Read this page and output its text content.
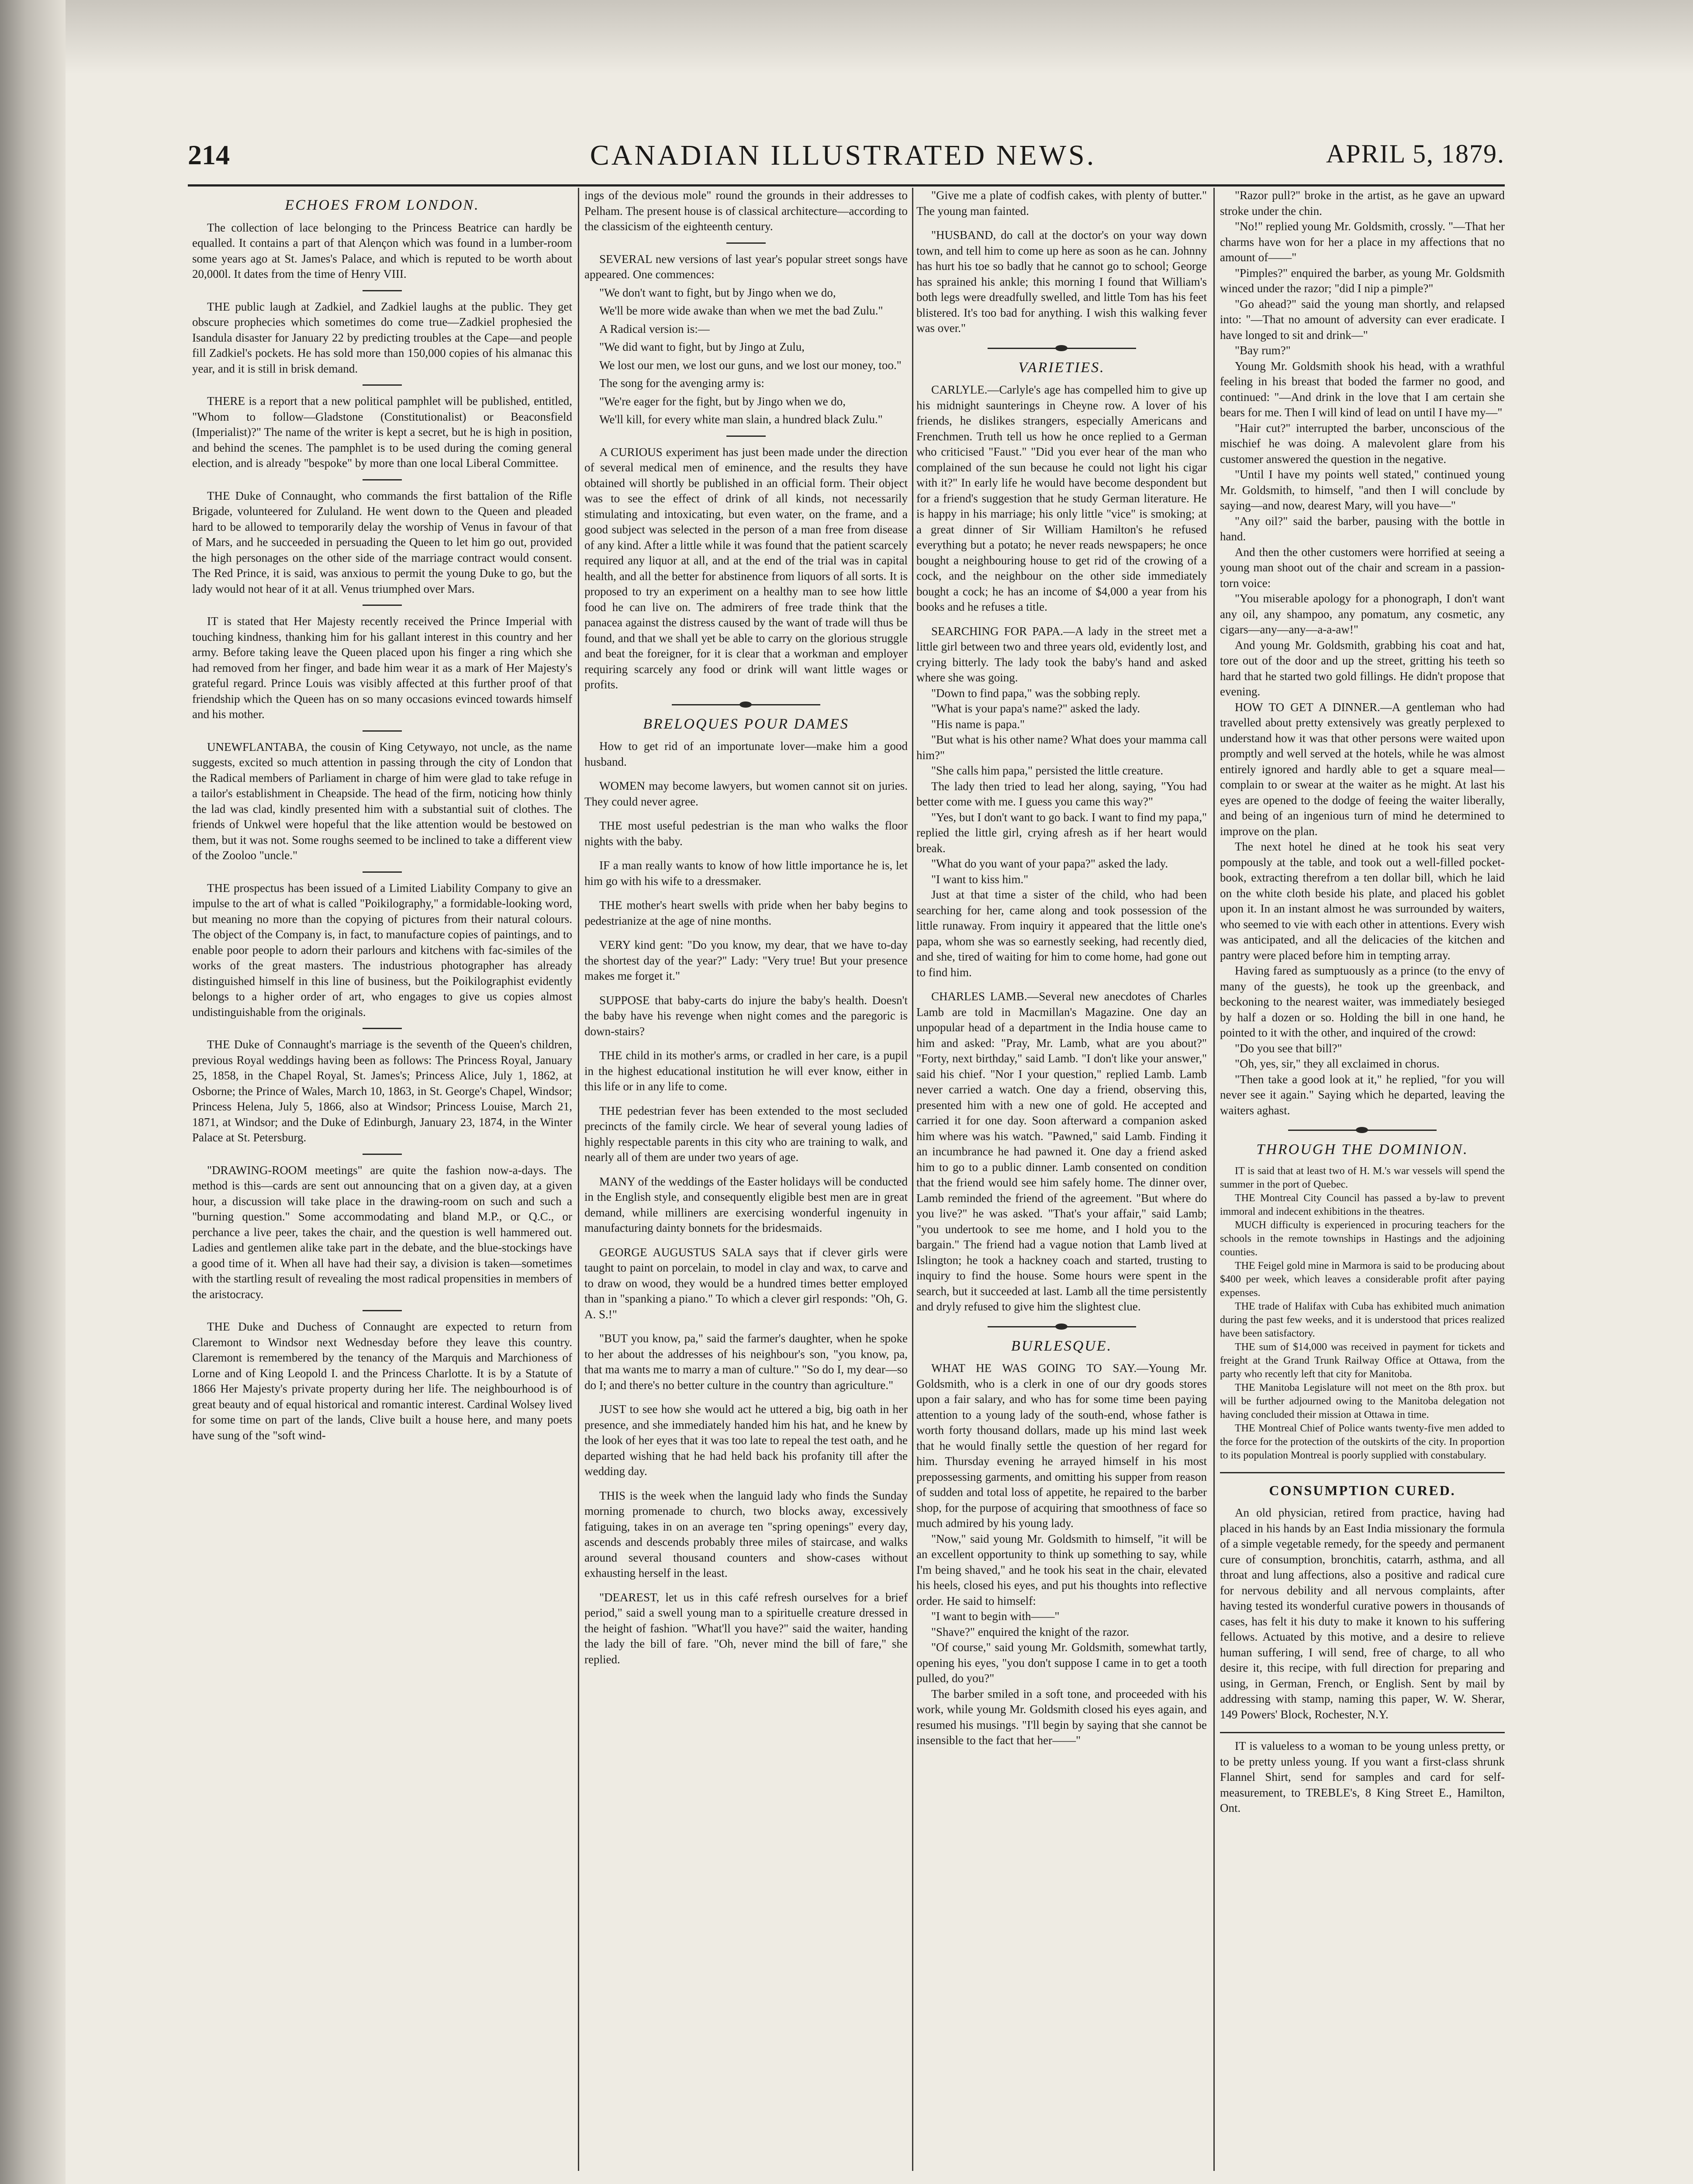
214	CANADIAN ILLUSTRATED NEWS.	APRIL 5, 1879.
ECHOES FROM LONDON.

The collection of lace belonging to the Princess Beatrice can hardly be equalled. It contains a part of that Alençon which was found in a lumber-room some years ago at St. James's Palace, and which is reputed to be worth about 20,000l. It dates from the time of Henry VIII.

THE public laugh at Zadkiel, and Zadkiel laughs at the public. They get obscure prophecies which sometimes do come true—Zadkiel prophesied the Isandula disaster for January 22 by predicting troubles at the Cape—and people fill Zadkiel's pockets. He has sold more than 150,000 copies of his almanac this year, and it is still in brisk demand.

THERE is a report that a new political pamphlet will be published, entitled, "Whom to follow—Gladstone (Constitutionalist) or Beaconsfield (Imperialist)?" The name of the writer is kept a secret, but he is high in position, and behind the scenes. The pamphlet is to be used during the coming general election, and is already "bespoke" by more than one local Liberal Committee.

THE Duke of Connaught, who commands the first battalion of the Rifle Brigade, volunteered for Zululand. He went down to the Queen and pleaded hard to be allowed to temporarily delay the worship of Venus in favour of that of Mars, and he succeeded in persuading the Queen to let him go out, provided the high personages on the other side of the marriage contract would consent. The Red Prince, it is said, was anxious to permit the young Duke to go, but the lady would not hear of it at all. Venus triumphed over Mars.

IT is stated that Her Majesty recently received the Prince Imperial with touching kindness, thanking him for his gallant interest in this country and her army. Before taking leave the Queen placed upon his finger a ring which she had removed from her finger, and bade him wear it as a mark of Her Majesty's grateful regard. Prince Louis was visibly affected at this further proof of that friendship which the Queen has on so many occasions evinced towards himself and his mother.

UNEWFLANTABA, the cousin of King Cetywayo, not uncle, as the name suggests, excited so much attention in passing through the city of London that the Radical members of Parliament in charge of him were glad to take refuge in a tailor's establishment in Cheapside. The head of the firm, noticing how thinly the lad was clad, kindly presented him with a substantial suit of clothes. The friends of Unkwel were hopeful that the like attention would be bestowed on them, but it was not. Some roughs seemed to be inclined to take a different view of the Zooloo "uncle."

THE prospectus has been issued of a Limited Liability Company to give an impulse to the art of what is called "Poikilography," a formidable-looking word, but meaning no more than the copying of pictures from their natural colours. The object of the Company is, in fact, to manufacture copies of paintings, and to enable poor people to adorn their parlours and kitchens with fac-similes of the works of the great masters. The industrious photographer has already distinguished himself in this line of business, but the Poikilographist evidently belongs to a higher order of art, who engages to give us copies almost undistinguishable from the originals.

THE Duke of Connaught's marriage is the seventh of the Queen's children, previous Royal weddings having been as follows: The Princess Royal, January 25, 1858, in the Chapel Royal, St. James's; Princess Alice, July 1, 1862, at Osborne; the Prince of Wales, March 10, 1863, in St. George's Chapel, Windsor; Princess Helena, July 5, 1866, also at Windsor; Princess Louise, March 21, 1871, at Windsor; and the Duke of Edinburgh, January 23, 1874, in the Winter Palace at St. Petersburg.

"DRAWING-ROOM meetings" are quite the fashion now-a-days. The method is this—cards are sent out announcing that on a given day, at a given hour, a discussion will take place in the drawing-room on such and such a "burning question." Some accommodating and bland M.P., or Q.C., or perchance a live peer, takes the chair, and the question is well hammered out. Ladies and gentlemen alike take part in the debate, and the blue-stockings have a good time of it. When all have had their say, a division is taken—sometimes with the startling result of revealing the most radical propensities in members of the aristocracy.

THE Duke and Duchess of Connaught are expected to return from Claremont to Windsor next Wednesday before they leave this country. Claremont is remembered by the tenancy of the Marquis and Marchioness of Lorne and of King Leopold I. and the Princess Charlotte. It is by a Statute of 1866 Her Majesty's private property during her life. The neighbourhood is of great beauty and of equal historical and romantic interest. Cardinal Wolsey lived for some time on part of the lands, Clive built a house here, and many poets have sung of the "soft wind-

ings of the devious mole" round the grounds in their addresses to Pelham. The present house is of classical architecture—according to the classicism of the eighteenth century.

SEVERAL new versions of last year's popular street songs have appeared. One commences:

"We don't want to fight, but by Jingo when we do,

We'll be more wide awake than when we met the bad Zulu."

A Radical version is:—

"We did want to fight, but by Jingo at Zulu,

We lost our men, we lost our guns, and we lost our money, too."

The song for the avenging army is:

"We're eager for the fight, but by Jingo when we do,

We'll kill, for every white man slain, a hundred black Zulu."

A CURIOUS experiment has just been made under the direction of several medical men of eminence, and the results they have obtained will shortly be published in an official form. Their object was to see the effect of drink of all kinds, not necessarily stimulating and intoxicating, but even water, on the frame, and a good subject was selected in the person of a man free from disease of any kind. After a little while it was found that the patient scarcely required any liquor at all, and at the end of the trial was in capital health, and all the better for abstinence from liquors of all sorts. It is proposed to try an experiment on a healthy man to see how little food he can live on. The admirers of free trade think that the panacea against the distress caused by the want of trade will thus be found, and that we shall yet be able to carry on the glorious struggle and beat the foreigner, for it is clear that a workman and employer requiring scarcely any food or drink will want little wages or profits.

BRELOQUES POUR DAMES

How to get rid of an importunate lover—make him a good husband.

WOMEN may become lawyers, but women cannot sit on juries. They could never agree.

THE most useful pedestrian is the man who walks the floor nights with the baby.

IF a man really wants to know of how little importance he is, let him go with his wife to a dressmaker.

THE mother's heart swells with pride when her baby begins to pedestrianize at the age of nine months.

VERY kind gent: "Do you know, my dear, that we have to-day the shortest day of the year?" Lady: "Very true! But your presence makes me forget it."

SUPPOSE that baby-carts do injure the baby's health. Doesn't the baby have his revenge when night comes and the paregoric is down-stairs?

THE child in its mother's arms, or cradled in her care, is a pupil in the highest educational institution he will ever know, either in this life or in any life to come.

THE pedestrian fever has been extended to the most secluded precincts of the family circle. We hear of several young ladies of highly respectable parents in this city who are training to walk, and nearly all of them are under two years of age.

MANY of the weddings of the Easter holidays will be conducted in the English style, and consequently eligible best men are in great demand, while milliners are exercising wonderful ingenuity in manufacturing dainty bonnets for the bridesmaids.

GEORGE AUGUSTUS SALA says that if clever girls were taught to paint on porcelain, to model in clay and wax, to carve and to draw on wood, they would be a hundred times better employed than in "spanking a piano." To which a clever girl responds: "Oh, G. A. S.!"

"BUT you know, pa," said the farmer's daughter, when he spoke to her about the addresses of his neighbour's son, "you know, pa, that ma wants me to marry a man of culture." "So do I, my dear—so do I; and there's no better culture in the country than agriculture."

JUST to see how she would act he uttered a big, big oath in her presence, and she immediately handed him his hat, and he knew by the look of her eyes that it was too late to repeal the test oath, and he departed wishing that he had held back his profanity till after the wedding day.

THIS is the week when the languid lady who finds the Sunday morning promenade to church, two blocks away, excessively fatiguing, takes in on an average ten "spring openings" every day, ascends and descends probably three miles of staircase, and walks around several thousand counters and show-cases without exhausting herself in the least.

"DEAREST, let us in this café refresh ourselves for a brief period," said a swell young man to a spirituelle creature dressed in the height of fashion. "What'll you have?" said the waiter, handing the lady the bill of fare. "Oh, never mind the bill of fare," she replied.

"Give me a plate of codfish cakes, with plenty of butter." The young man fainted.

"HUSBAND, do call at the doctor's on your way down town, and tell him to come up here as soon as he can. Johnny has hurt his toe so badly that he cannot go to school; George has sprained his ankle; this morning I found that William's both legs were dreadfully swelled, and little Tom has his feet blistered. It's too bad for anything. I wish this walking fever was over."

VARIETIES.

CARLYLE.—Carlyle's age has compelled him to give up his midnight saunterings in Cheyne row. A lover of his friends, he dislikes strangers, especially Americans and Frenchmen. Truth tell us how he once replied to a German who criticised "Faust." "Did you ever hear of the man who complained of the sun because he could not light his cigar with it?" In early life he would have become despondent but for a friend's suggestion that he study German literature. He is happy in his marriage; his only little "vice" is smoking; at a great dinner of Sir William Hamilton's he refused everything but a potato; he never reads newspapers; he once bought a neighbouring house to get rid of the crowing of a cock, and the neighbour on the other side immediately bought a cock; he has an income of $4,000 a year from his books and he refuses a title.

SEARCHING FOR PAPA.—A lady in the street met a little girl between two and three years old, evidently lost, and crying bitterly. The lady took the baby's hand and asked where she was going.

"Down to find papa," was the sobbing reply.

"What is your papa's name?" asked the lady.

"His name is papa."

"But what is his other name? What does your mamma call him?"

"She calls him papa," persisted the little creature.

The lady then tried to lead her along, saying, "You had better come with me. I guess you came this way?"

"Yes, but I don't want to go back. I want to find my papa," replied the little girl, crying afresh as if her heart would break.

"What do you want of your papa?" asked the lady.

"I want to kiss him."

Just at that time a sister of the child, who had been searching for her, came along and took possession of the little runaway. From inquiry it appeared that the little one's papa, whom she was so earnestly seeking, had recently died, and she, tired of waiting for him to come home, had gone out to find him.

CHARLES LAMB.—Several new anecdotes of Charles Lamb are told in Macmillan's Magazine. One day an unpopular head of a department in the India house came to him and asked: "Pray, Mr. Lamb, what are you about?" "Forty, next birthday," said Lamb. "I don't like your answer," said his chief. "Nor I your question," replied Lamb. Lamb never carried a watch. One day a friend, observing this, presented him with a new one of gold. He accepted and carried it for one day. Soon afterward a companion asked him where was his watch. "Pawned," said Lamb. Finding it an incumbrance he had pawned it. One day a friend asked him to go to a public dinner. Lamb consented on condition that the friend would see him safely home. The dinner over, Lamb reminded the friend of the agreement. "But where do you live?" he was asked. "That's your affair," said Lamb; "you undertook to see me home, and I hold you to the bargain." The friend had a vague notion that Lamb lived at Islington; he took a hackney coach and started, trusting to inquiry to find the house. Some hours were spent in the search, but it succeeded at last. Lamb all the time persistently and dryly refused to give him the slightest clue.

BURLESQUE.

WHAT HE WAS GOING TO SAY.—Young Mr. Goldsmith, who is a clerk in one of our dry goods stores upon a fair salary, and who has for some time been paying attention to a young lady of the south-end, whose father is worth forty thousand dollars, made up his mind last week that he would finally settle the question of her regard for him. Thursday evening he arrayed himself in his most prepossessing garments, and omitting his supper from reason of sudden and total loss of appetite, he repaired to the barber shop, for the purpose of acquiring that smoothness of face so much admired by his young lady.

"Now," said young Mr. Goldsmith to himself, "it will be an excellent opportunity to think up something to say, while I'm being shaved," and he took his seat in the chair, elevated his heels, closed his eyes, and put his thoughts into reflective order. He said to himself:

"I want to begin with——"

"Shave?" enquired the knight of the razor.

"Of course," said young Mr. Goldsmith, somewhat tartly, opening his eyes, "you don't suppose I came in to get a tooth pulled, do you?"

The barber smiled in a soft tone, and proceeded with his work, while young Mr. Goldsmith closed his eyes again, and resumed his musings. "I'll begin by saying that she cannot be insensible to the fact that her——"

"Razor pull?" broke in the artist, as he gave an upward stroke under the chin.

"No!" replied young Mr. Goldsmith, crossly. "—That her charms have won for her a place in my affections that no amount of——"

"Pimples?" enquired the barber, as young Mr. Goldsmith winced under the razor; "did I nip a pimple?"

"Go ahead?" said the young man shortly, and relapsed into: "—That no amount of adversity can ever eradicate. I have longed to sit and drink—"

"Bay rum?"

Young Mr. Goldsmith shook his head, with a wrathful feeling in his breast that boded the farmer no good, and continued: "—And drink in the love that I am certain she bears for me. Then I will kind of lead on until I have my—"

"Hair cut?" interrupted the barber, unconscious of the mischief he was doing. A malevolent glare from his customer answered the question in the negative.

"Until I have my points well stated," continued young Mr. Goldsmith, to himself, "and then I will conclude by saying—and now, dearest Mary, will you have—"

"Any oil?" said the barber, pausing with the bottle in hand.

And then the other customers were horrified at seeing a young man shoot out of the chair and scream in a passion-torn voice:

"You miserable apology for a phonograph, I don't want any oil, any shampoo, any pomatum, any cosmetic, any cigars—any—any—a-a-aw!"

And young Mr. Goldsmith, grabbing his coat and hat, tore out of the door and up the street, gritting his teeth so hard that he started two gold fillings. He didn't propose that evening.

HOW TO GET A DINNER.—A gentleman who had travelled about pretty extensively was greatly perplexed to understand how it was that other persons were waited upon promptly and well served at the hotels, while he was almost entirely ignored and hardly able to get a square meal—complain to or swear at the waiter as he might. At last his eyes are opened to the dodge of feeing the waiter liberally, and being of an ingenious turn of mind he determined to improve on the plan.

The next hotel he dined at he took his seat very pompously at the table, and took out a well-filled pocket-book, extracting therefrom a ten dollar bill, which he laid on the white cloth beside his plate, and placed his goblet upon it. In an instant almost he was surrounded by waiters, who seemed to vie with each other in attentions. Every wish was anticipated, and all the delicacies of the kitchen and pantry were placed before him in tempting array.

Having fared as sumptuously as a prince (to the envy of many of the guests), he took up the greenback, and beckoning to the nearest waiter, was immediately besieged by half a dozen or so. Holding the bill in one hand, he pointed to it with the other, and inquired of the crowd:

"Do you see that bill?"

"Oh, yes, sir," they all exclaimed in chorus.

"Then take a good look at it," he replied, "for you will never see it again." Saying which he departed, leaving the waiters aghast.

THROUGH THE DOMINION.

IT is said that at least two of H. M.'s war vessels will spend the summer in the port of Quebec.

THE Montreal City Council has passed a by-law to prevent immoral and indecent exhibitions in the theatres.

MUCH difficulty is experienced in procuring teachers for the schools in the remote townships in Hastings and the adjoining counties.

THE Feigel gold mine in Marmora is said to be producing about $400 per week, which leaves a considerable profit after paying expenses.

THE trade of Halifax with Cuba has exhibited much animation during the past few weeks, and it is understood that prices realized have been satisfactory.

THE sum of $14,000 was received in payment for tickets and freight at the Grand Trunk Railway Office at Ottawa, from the party who recently left that city for Manitoba.

THE Manitoba Legislature will not meet on the 8th prox. but will be further adjourned owing to the Manitoba delegation not having concluded their mission at Ottawa in time.

THE Montreal Chief of Police wants twenty-five men added to the force for the protection of the outskirts of the city. In proportion to its population Montreal is poorly supplied with constabulary.

CONSUMPTION CURED.

An old physician, retired from practice, having had placed in his hands by an East India missionary the formula of a simple vegetable remedy, for the speedy and permanent cure of consumption, bronchitis, catarrh, asthma, and all throat and lung affections, also a positive and radical cure for nervous debility and all nervous complaints, after having tested its wonderful curative powers in thousands of cases, has felt it his duty to make it known to his suffering fellows. Actuated by this motive, and a desire to relieve human suffering, I will send, free of charge, to all who desire it, this recipe, with full direction for preparing and using, in German, French, or English. Sent by mail by addressing with stamp, naming this paper, W. W. Sherar, 149 Powers' Block, Rochester, N.Y.

IT is valueless to a woman to be young unless pretty, or to be pretty unless young. If you want a first-class shrunk Flannel Shirt, send for samples and card for self-measurement, to TREBLE's, 8 King Street E., Hamilton, Ont.
